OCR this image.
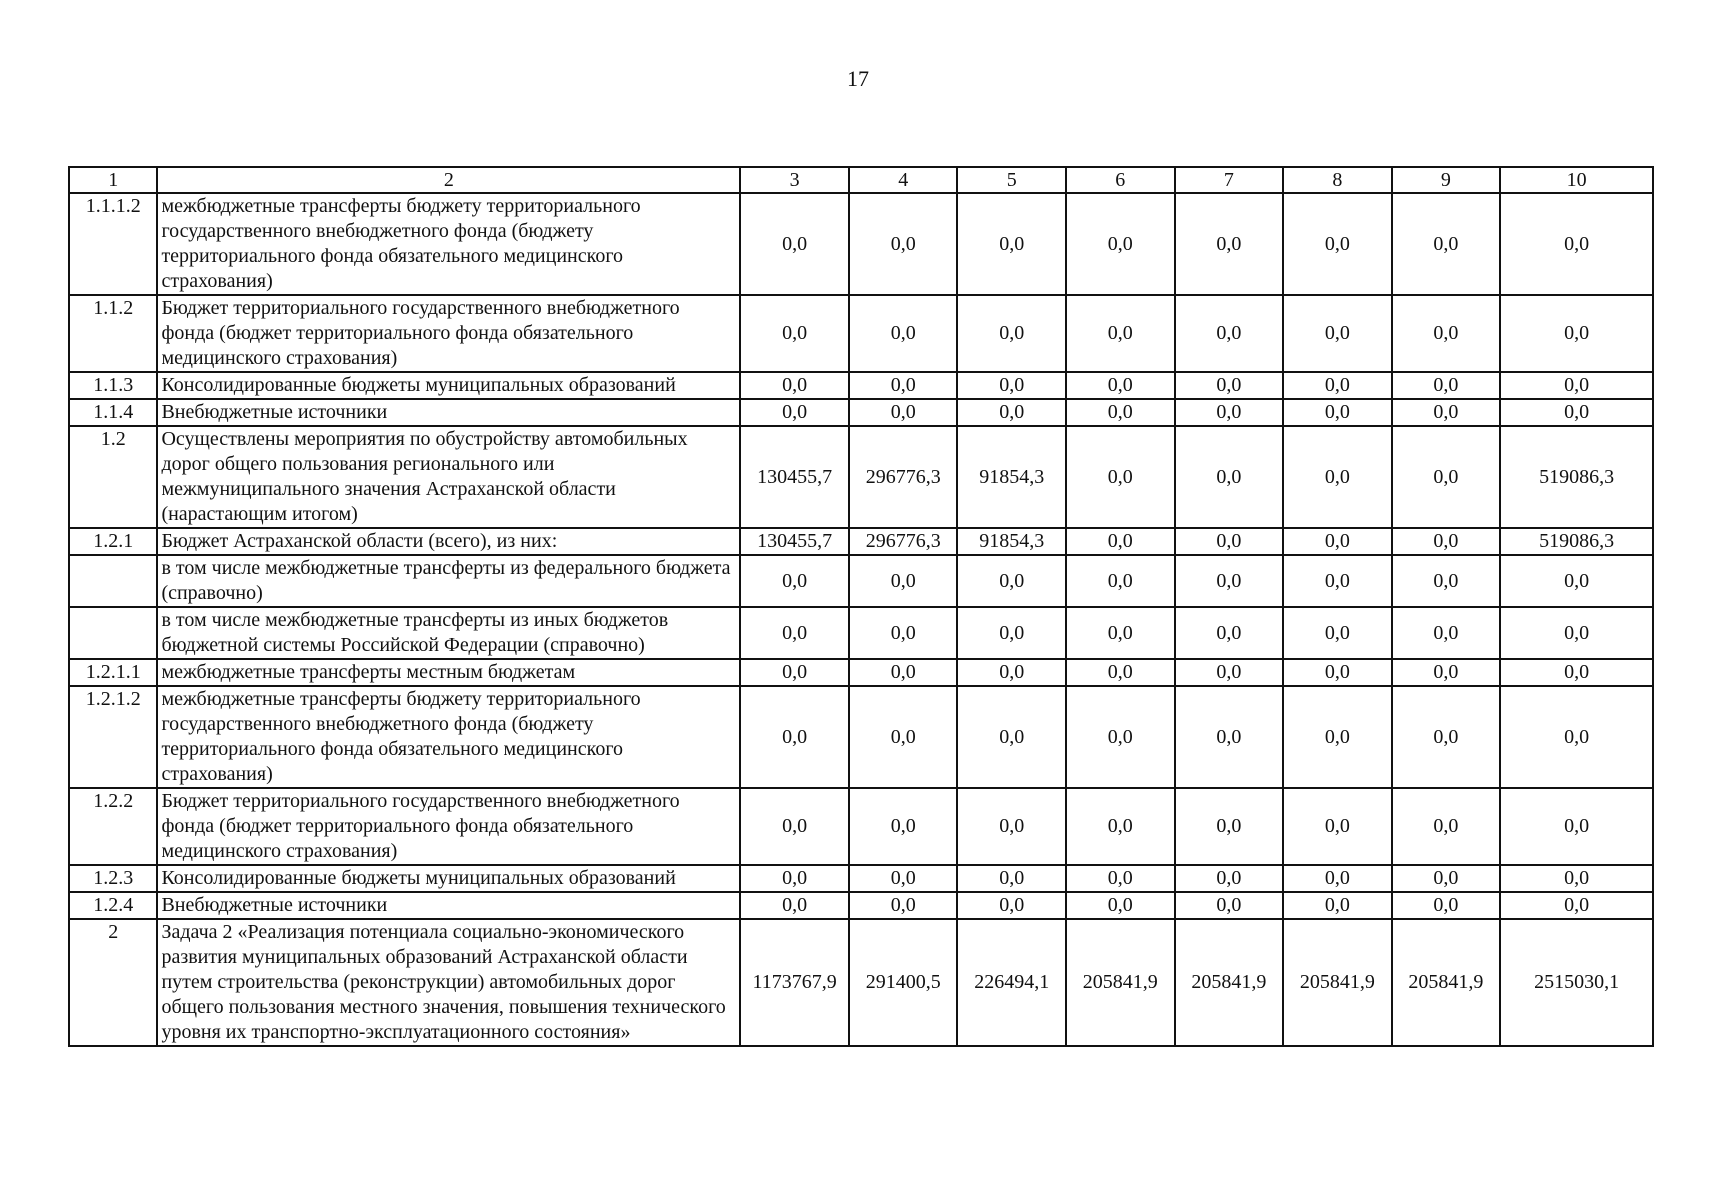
17
1	2	3	4	5	6	7	8	9	10
1.1.1.2	межбюджетные трансферты бюджету территориального государственного внебюджетного фонда (бюджету территориального фонда обязательного медицинского страхования)	0,0	0,0	0,0	0,0	0,0	0,0	0,0	0,0
1.1.2	Бюджет территориального государственного внебюджетного фонда (бюджет территориального фонда обязательного медицинского страхования)	0,0	0,0	0,0	0,0	0,0	0,0	0,0	0,0
1.1.3	Консолидированные бюджеты муниципальных образований	0,0	0,0	0,0	0,0	0,0	0,0	0,0	0,0
1.1.4	Внебюджетные источники	0,0	0,0	0,0	0,0	0,0	0,0	0,0	0,0
1.2	Осуществлены мероприятия по обустройству автомобильных дорог общего пользования регионального или межмуниципального значения Астраханской области (нарастающим итогом)	130455,7	296776,3	91854,3	0,0	0,0	0,0	0,0	519086,3
1.2.1	Бюджет Астраханской области (всего), из них:	130455,7	296776,3	91854,3	0,0	0,0	0,0	0,0	519086,3
	в том числе межбюджетные трансферты из федерального бюджета (справочно)	0,0	0,0	0,0	0,0	0,0	0,0	0,0	0,0
	в том числе межбюджетные трансферты из иных бюджетов бюджетной системы Российской Федерации (справочно)	0,0	0,0	0,0	0,0	0,0	0,0	0,0	0,0
1.2.1.1	межбюджетные трансферты местным бюджетам	0,0	0,0	0,0	0,0	0,0	0,0	0,0	0,0
1.2.1.2	межбюджетные трансферты бюджету территориального государственного внебюджетного фонда (бюджету территориального фонда обязательного медицинского страхования)	0,0	0,0	0,0	0,0	0,0	0,0	0,0	0,0
1.2.2	Бюджет территориального государственного внебюджетного фонда (бюджет территориального фонда обязательного медицинского страхования)	0,0	0,0	0,0	0,0	0,0	0,0	0,0	0,0
1.2.3	Консолидированные бюджеты муниципальных образований	0,0	0,0	0,0	0,0	0,0	0,0	0,0	0,0
1.2.4	Внебюджетные источники	0,0	0,0	0,0	0,0	0,0	0,0	0,0	0,0
2	Задача 2 «Реализация потенциала социально-экономического развития муниципальных образований Астраханской области путем строительства (реконструкции) автомобильных дорог общего пользования местного значения, повышения технического уровня их транспортно-эксплуатационного состояния»	1173767,9	291400,5	226494,1	205841,9	205841,9	205841,9	205841,9	2515030,1
